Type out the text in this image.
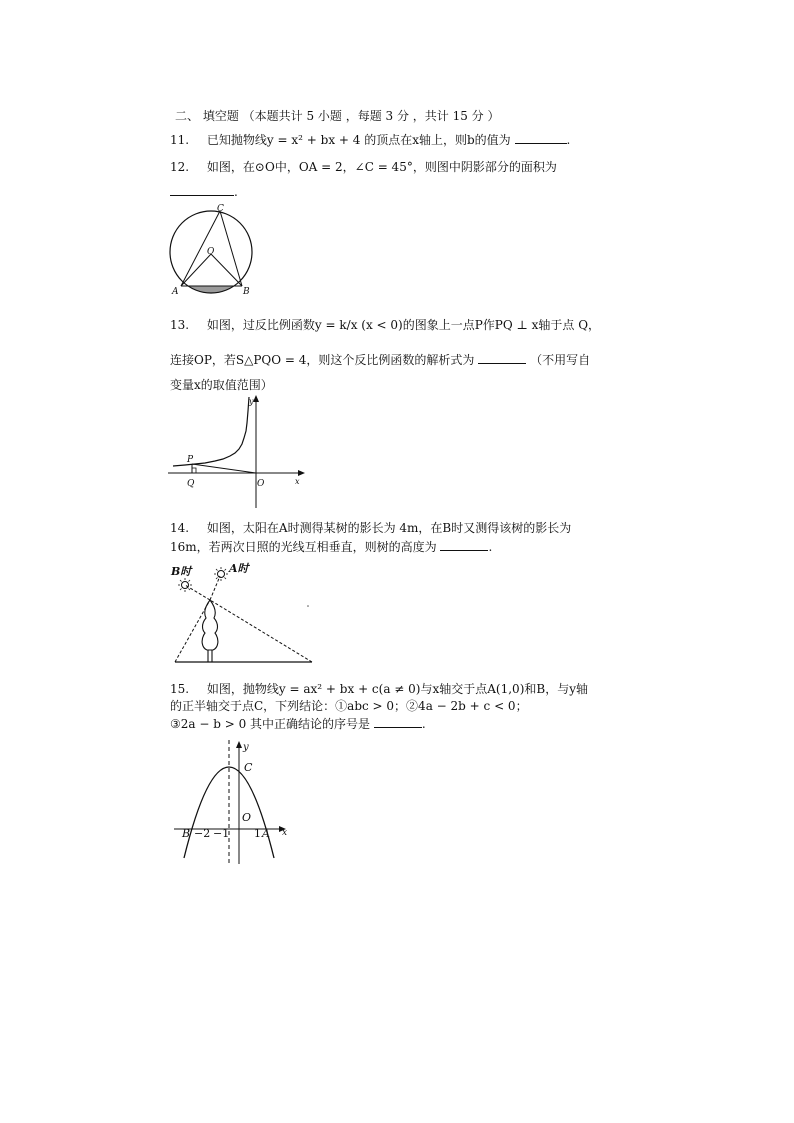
二、 填空题 （本题共计 5 小题 ，每题 3 分 ，共计 15 分 ）
11. 已知抛物线y = x² + bx + 4 的顶点在x轴上，则b的值为	.
12. 如图，在⊙O中，OA = 2，∠C = 45°，则图中阴影部分的面积为
.
C
O
A	B
13. 如图，过反比例函数y = k/x (x < 0)的图象上一点P作PQ ⊥ x轴于点 Q，
连接OP，若S△PQO = 4，则这个反比例函数的解析式为	（不用写自
变量x的取值范围）
y
P
Q	O	x
14. 如图，太阳在A时测得某树的影长为 4m，在B时又测得该树的影长为
16m，若两次日照的光线互相垂直，则树的高度为	.
B时	A时
15. 如图，抛物线y = ax² + bx + c(a ≠ 0)与x轴交于点A(1,0)和B，与y轴
的正半轴交于点C，下列结论：①abc > 0；②4a − 2b + c < 0；
③2a − b > 0 其中正确结论的序号是	.
y
C
O
B −2 −1 1 A x
